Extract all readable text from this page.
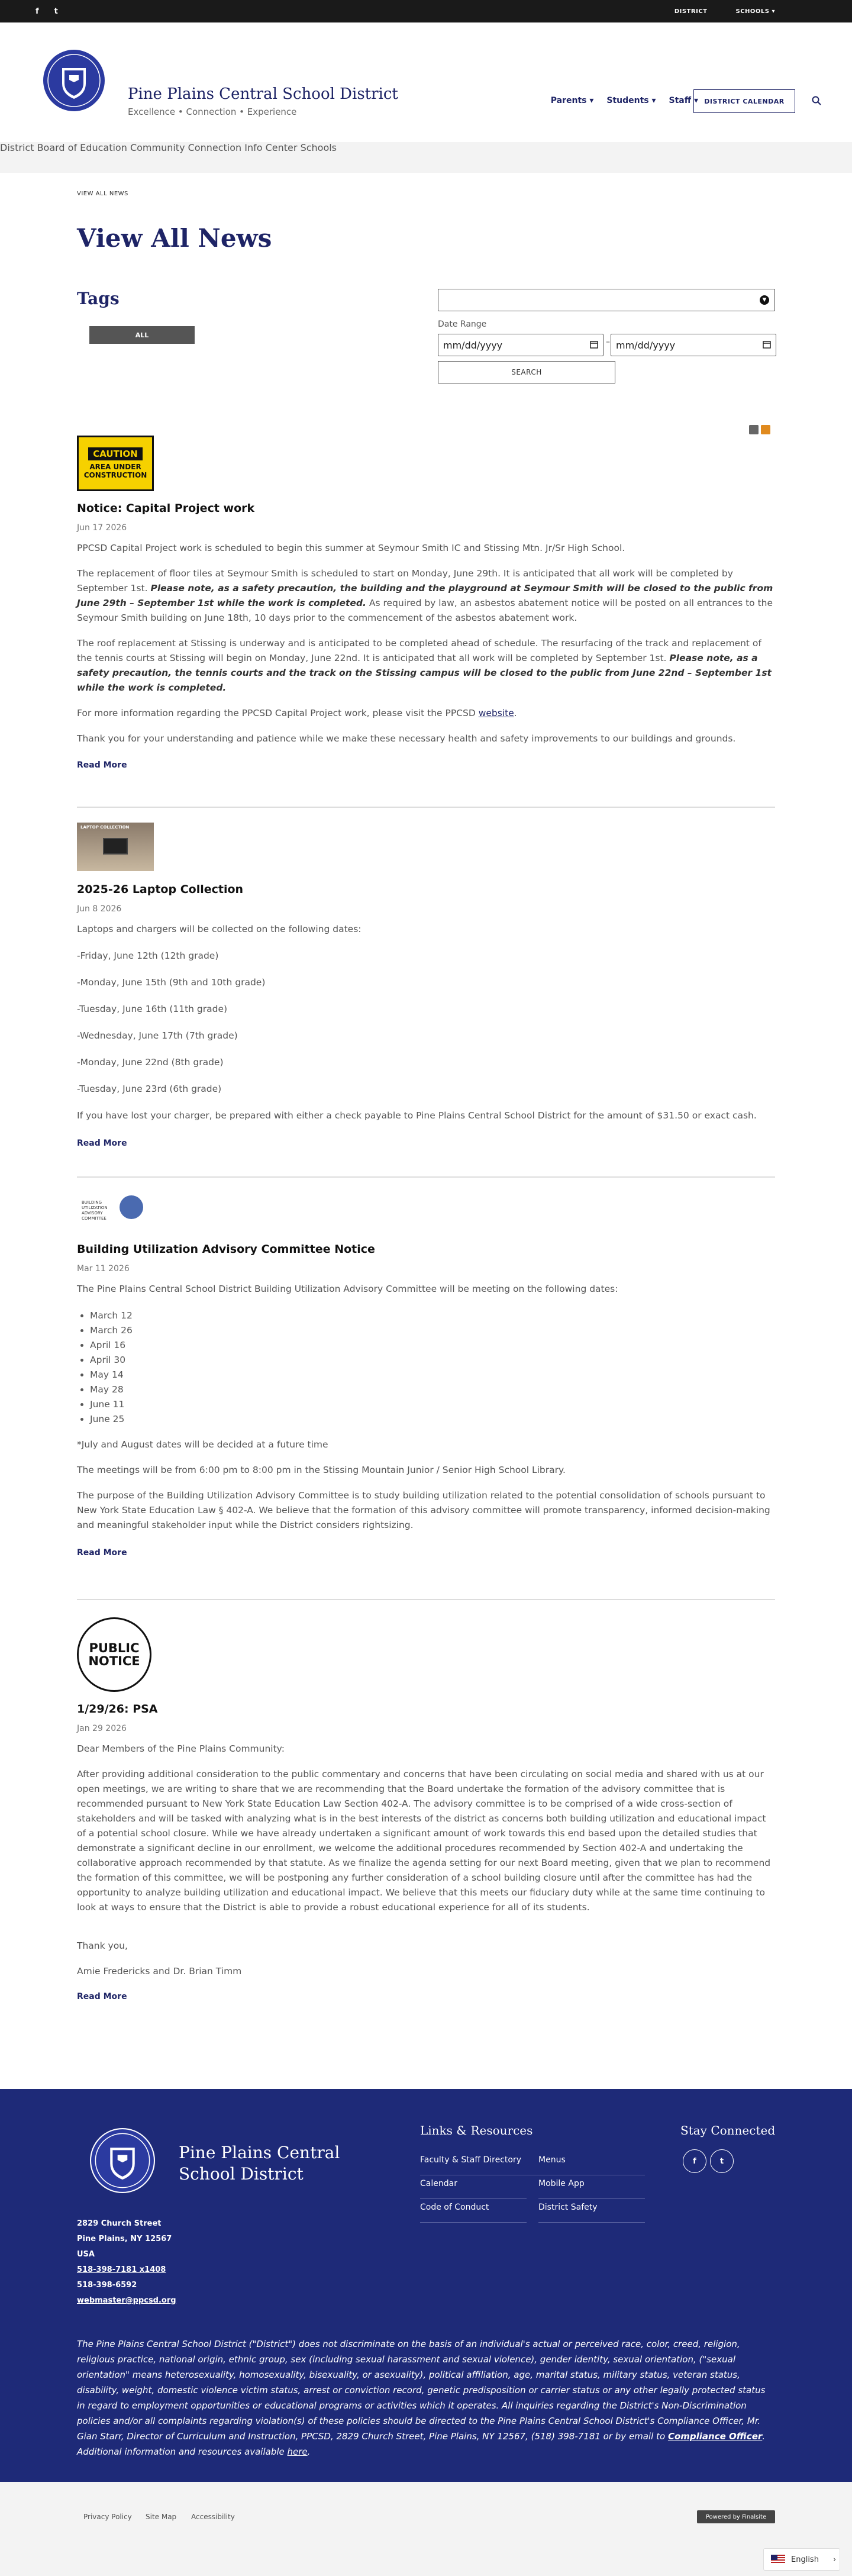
f t	DISTRICT	SCHOOLS ▾
Pine Plains Central School District
Excellence • Connection • Experience
Parents ▾ Students ▾ Staff ▾ DISTRICT CALENDAR
District Board of Education Community Connection Info Center Schools
VIEW ALL NEWS
View All News
Tags
ALL
▼
Date Range
mm/dd/yyyy	– mm/dd/yyyy
SEARCH
CAUTION
AREA UNDER
CONSTRUCTION
Notice: Capital Project work
Jun 17 2026

PPCSD Capital Project work is scheduled to begin this summer at Seymour Smith IC and Stissing Mtn. Jr/Sr High School.

The replacement of floor tiles at Seymour Smith is scheduled to start on Monday, June 29th. It is anticipated that all work will be completed by September 1st. Please note, as a safety precaution, the building and the playground at Seymour Smith will be closed to the public from June 29th – September 1st while the work is completed. As required by law, an asbestos abatement notice will be posted on all entrances to the Seymour Smith building on June 18th, 10 days prior to the commencement of the asbestos abatement work.

The roof replacement at Stissing is underway and is anticipated to be completed ahead of schedule. The resurfacing of the track and replacement of the tennis courts at Stissing will begin on Monday, June 22nd. It is anticipated that all work will be completed by September 1st. Please note, as a safety precaution, the tennis courts and the track on the Stissing campus will be closed to the public from June 22nd – September 1st while the work is completed.

For more information regarding the PPCSD Capital Project work, please visit the PPCSD website.

Thank you for your understanding and patience while we make these necessary health and safety improvements to our buildings and grounds.

Read More
LAPTOP COLLECTION
2025-26 Laptop Collection
Jun 8 2026

Laptops and chargers will be collected on the following dates:

-Friday, June 12th (12th grade)

-Monday, June 15th (9th and 10th grade)

-Tuesday, June 16th (11th grade)

-Wednesday, June 17th (7th grade)

-Monday, June 22nd (8th grade)

-Tuesday, June 23rd (6th grade)

If you have lost your charger, be prepared with either a check payable to Pine Plains Central School District for the amount of $31.50 or exact cash.

Read More
BUILDING
UTILIZATION
ADVISORY
COMMITTEE
Building Utilization Advisory Committee Notice
Mar 11 2026

The Pine Plains Central School District Building Utilization Advisory Committee will be meeting on the following dates:

• March 12
• March 26
• April 16
• April 30
• May 14
• May 28
• June 11
• June 25

*July and August dates will be decided at a future time

The meetings will be from 6:00 pm to 8:00 pm in the Stissing Mountain Junior / Senior High School Library.

The purpose of the Building Utilization Advisory Committee is to study building utilization related to the potential consolidation of schools pursuant to New York State Education Law § 402-A. We believe that the formation of this advisory committee will promote transparency, informed decision-making and meaningful stakeholder input while the District considers rightsizing.

Read More
PUBLIC
NOTICE
1/29/26: PSA
Jan 29 2026

Dear Members of the Pine Plains Community:

After providing additional consideration to the public commentary and concerns that have been circulating on social media and shared with us at our open meetings, we are writing to share that we are recommending that the Board undertake the formation of the advisory committee that is recommended pursuant to New York State Education Law Section 402-A. The advisory committee is to be comprised of a wide cross-section of stakeholders and will be tasked with analyzing what is in the best interests of the district as concerns both building utilization and educational impact of a potential school closure. While we have already undertaken a significant amount of work towards this end based upon the detailed studies that demonstrate a significant decline in our enrollment, we welcome the additional procedures recommended by Section 402-A and undertaking the collaborative approach recommended by that statute. As we finalize the agenda setting for our next Board meeting, given that we plan to recommend the formation of this committee, we will be postponing any further consideration of a school building closure until after the committee has had the opportunity to analyze building utilization and educational impact. We believe that this meets our fiduciary duty while at the same time continuing to look at ways to ensure that the District is able to provide a robust educational experience for all of its students.

Thank you,

Amie Fredericks and Dr. Brian Timm

Read More
Pine Plains Central School District
2829 Church Street
Pine Plains, NY 12567
USA
518-398-7181 x1408
518-398-6592
webmaster@ppcsd.org
Links & Resources
Faculty & Staff Directory	Menus
Calendar	Mobile App
Code of Conduct	District Safety
Stay Connected
f	t
The Pine Plains Central School District ("District") does not discriminate on the basis of an individual's actual or perceived race, color, creed, religion, religious practice, national origin, ethnic group, sex (including sexual harassment and sexual violence), gender identity, sexual orientation, ("sexual orientation" means heterosexuality, homosexuality, bisexuality, or asexuality), political affiliation, age, marital status, military status, veteran status, disability, weight, domestic violence victim status, arrest or conviction record, genetic predisposition or carrier status or any other legally protected status in regard to employment opportunities or educational programs or activities which it operates. All inquiries regarding the District's Non-Discrimination policies and/or all complaints regarding violation(s) of these policies should be directed to the Pine Plains Central School District's Compliance Officer, Mr. Gian Starr, Director of Curriculum and Instruction, PPCSD, 2829 Church Street, Pine Plains, NY 12567, (518) 398-7181 or by email to Compliance Officer. Additional information and resources available here.
Privacy Policy Site Map Accessibility	Powered by Finalsite
English ›
